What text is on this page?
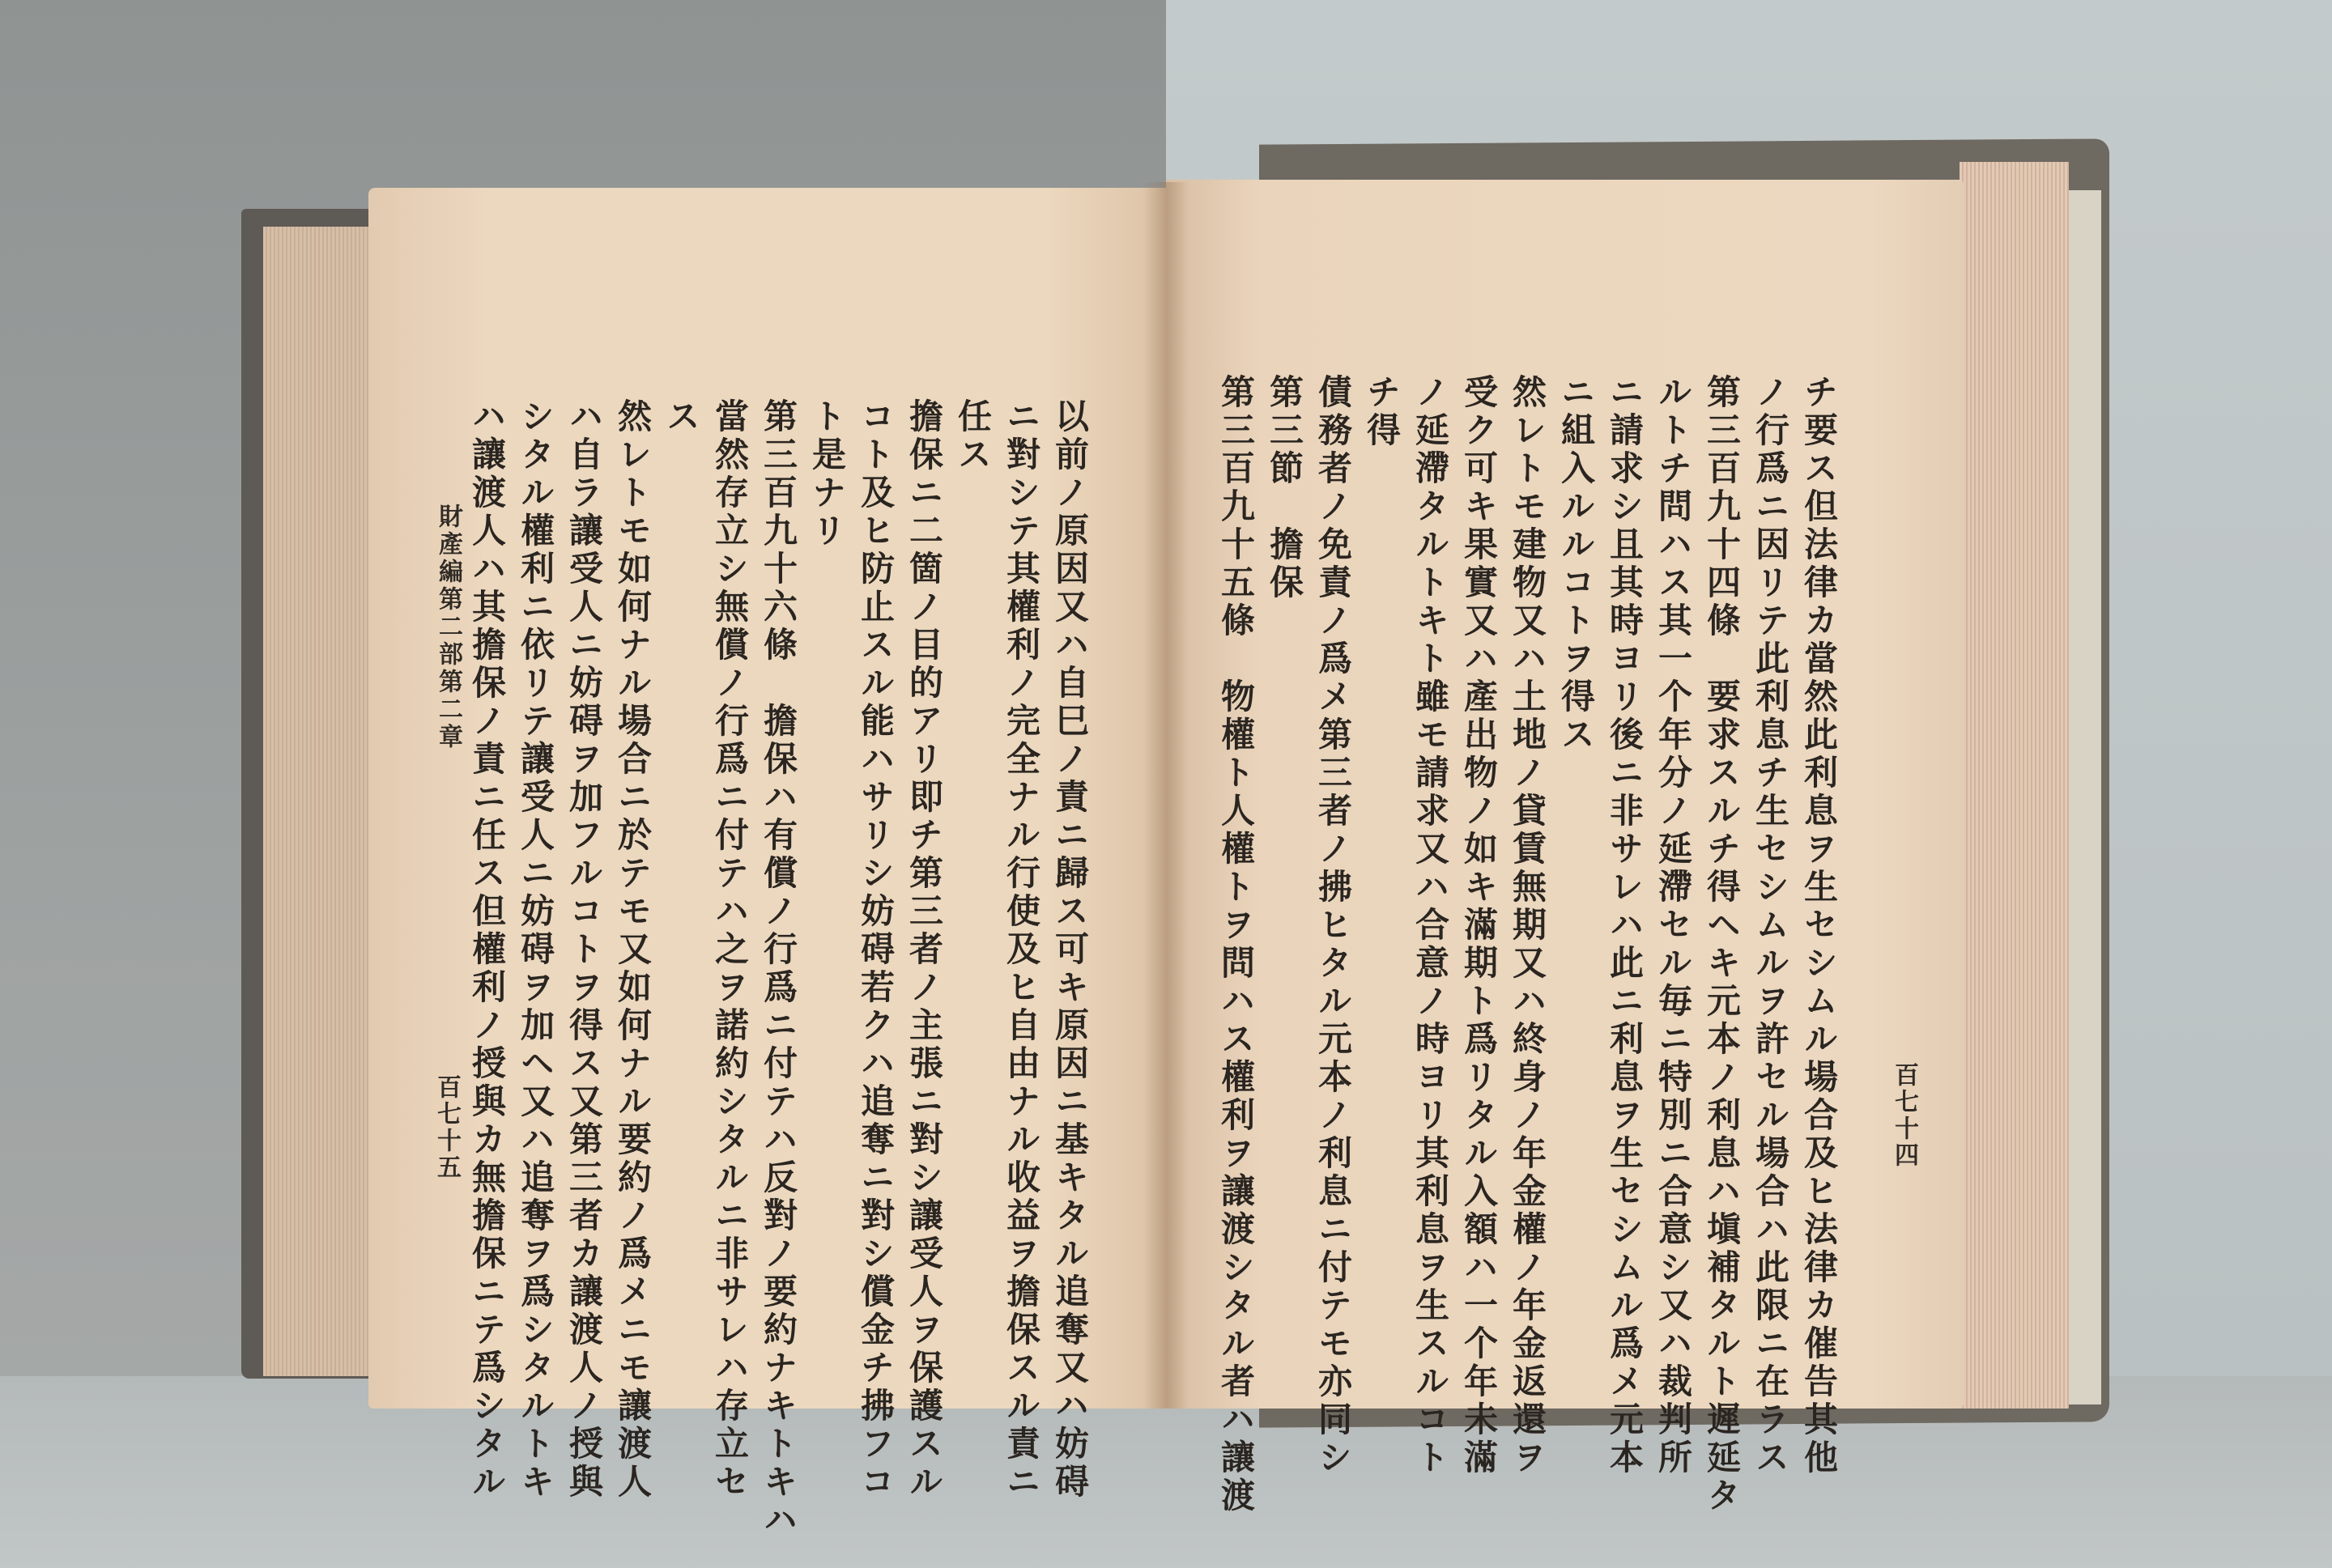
以前ノ原因又ハ自巳ノ責ニ歸ス可キ原因ニ基キタル追奪又ハ妨碍
ニ對シテ其權利ノ完全ナル行使及ヒ自由ナル收益ヲ擔保スル責ニ
任ス
擔保ニ二箇ノ目的アリ即チ第三者ノ主張ニ對シ讓受人ヲ保護スル
コト及ヒ防止スル能ハサリシ妨碍若クハ追奪ニ對シ償金チ拂フコ
ト是ナリ
第三百九十六條　擔保ハ有償ノ行爲ニ付テハ反對ノ要約ナキトキハ
當然存立シ無償ノ行爲ニ付テハ之ヲ諾約シタルニ非サレハ存立セ
ス
然レトモ如何ナル場合ニ於テモ又如何ナル要約ノ爲メニモ讓渡人
ハ自ラ讓受人ニ妨碍ヲ加フルコトヲ得ス又第三者カ讓渡人ノ授與
シタル權利ニ依リテ讓受人ニ妨碍ヲ加ヘ又ハ追奪ヲ爲シタルトキ
ハ讓渡人ハ其擔保ノ責ニ任ス但權利ノ授與カ無擔保ニテ爲シタル
百七十五
財產編第二部第二章	チ要ス但法律カ當然此利息ヲ生セシムル場合及ヒ法律カ催告其他
ノ行爲ニ因リテ此利息チ生セシムルヲ許セル場合ハ此限ニ在ラス
第三百九十四條　要求スルチ得ヘキ元本ノ利息ハ塡補タルト遲延タ
ルトチ問ハス其一个年分ノ延滯セル毎ニ特別ニ合意シ又ハ裁判所
ニ請求シ且其時ヨリ後ニ非サレハ此ニ利息ヲ生セシムル爲メ元本
ニ組入ルルコトヲ得ス
然レトモ建物又ハ土地ノ貸賃無期又ハ終身ノ年金權ノ年金返還ヲ
受ク可キ果實又ハ產出物ノ如キ滿期ト爲リタル入額ハ一个年未滿
ノ延滯タルトキト雖モ請求又ハ合意ノ時ヨリ其利息ヲ生スルコト
チ得
債務者ノ免責ノ爲メ第三者ノ拂ヒタル元本ノ利息ニ付テモ亦同シ
第三節　擔保
第三百九十五條　物權ト人權トヲ問ハス權利ヲ讓渡シタル者ハ讓渡	百七十四
